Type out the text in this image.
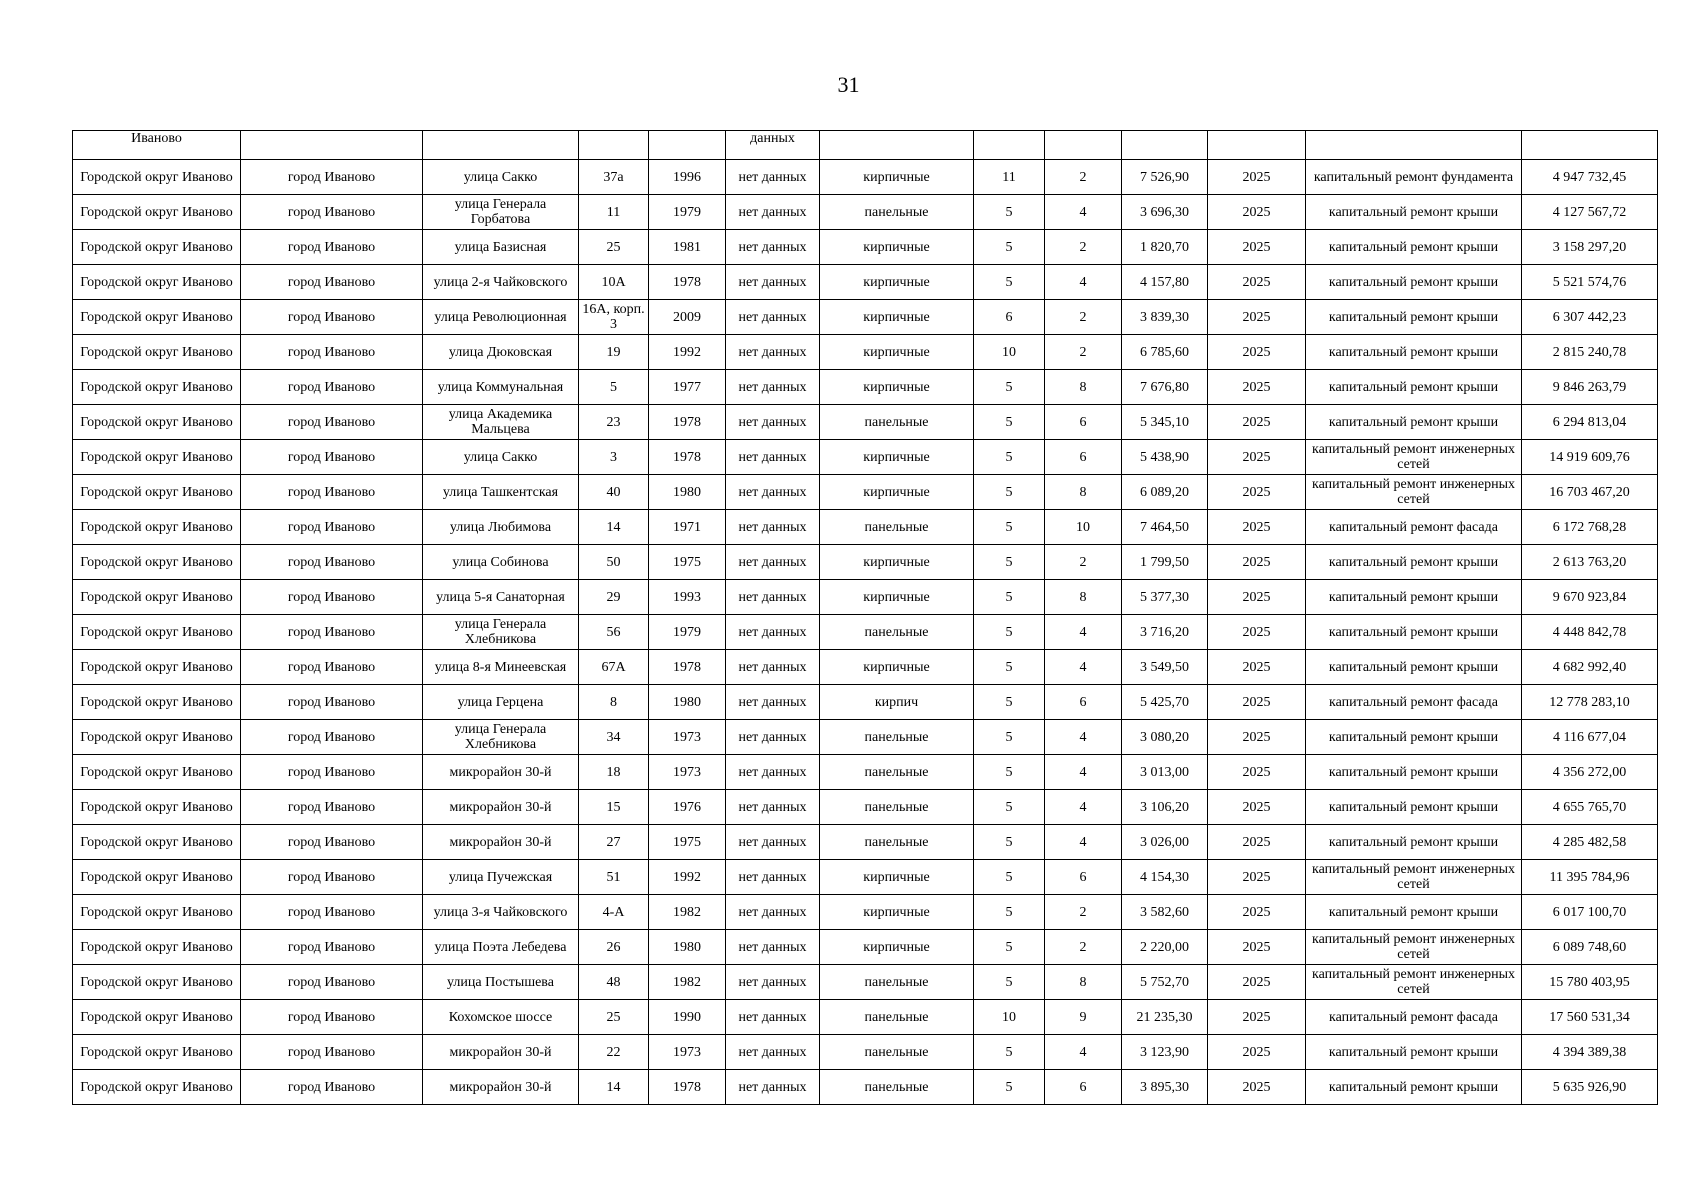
31
Иваново					данных							
Городской округ Иваново	город Иваново	улица Сакко	37а	1996	нет данных	кирпичные	11	2	7 526,90	2025	капитальный ремонт фундамента	4 947 732,45
Городской округ Иваново	город Иваново	улица Генерала Горбатова	11	1979	нет данных	панельные	5	4	3 696,30	2025	капитальный ремонт крыши	4 127 567,72
Городской округ Иваново	город Иваново	улица Базисная	25	1981	нет данных	кирпичные	5	2	1 820,70	2025	капитальный ремонт крыши	3 158 297,20
Городской округ Иваново	город Иваново	улица 2-я Чайковского	10А	1978	нет данных	кирпичные	5	4	4 157,80	2025	капитальный ремонт крыши	5 521 574,76
Городской округ Иваново	город Иваново	улица Революционная	16А, корп. 3	2009	нет данных	кирпичные	6	2	3 839,30	2025	капитальный ремонт крыши	6 307 442,23
Городской округ Иваново	город Иваново	улица Дюковская	19	1992	нет данных	кирпичные	10	2	6 785,60	2025	капитальный ремонт крыши	2 815 240,78
Городской округ Иваново	город Иваново	улица Коммунальная	5	1977	нет данных	кирпичные	5	8	7 676,80	2025	капитальный ремонт крыши	9 846 263,79
Городской округ Иваново	город Иваново	улица Академика Мальцева	23	1978	нет данных	панельные	5	6	5 345,10	2025	капитальный ремонт крыши	6 294 813,04
Городской округ Иваново	город Иваново	улица Сакко	3	1978	нет данных	кирпичные	5	6	5 438,90	2025	капитальный ремонт инженерных сетей	14 919 609,76
Городской округ Иваново	город Иваново	улица Ташкентская	40	1980	нет данных	кирпичные	5	8	6 089,20	2025	капитальный ремонт инженерных сетей	16 703 467,20
Городской округ Иваново	город Иваново	улица Любимова	14	1971	нет данных	панельные	5	10	7 464,50	2025	капитальный ремонт фасада	6 172 768,28
Городской округ Иваново	город Иваново	улица Собинова	50	1975	нет данных	кирпичные	5	2	1 799,50	2025	капитальный ремонт крыши	2 613 763,20
Городской округ Иваново	город Иваново	улица 5-я Санаторная	29	1993	нет данных	кирпичные	5	8	5 377,30	2025	капитальный ремонт крыши	9 670 923,84
Городской округ Иваново	город Иваново	улица Генерала Хлебникова	56	1979	нет данных	панельные	5	4	3 716,20	2025	капитальный ремонт крыши	4 448 842,78
Городской округ Иваново	город Иваново	улица 8-я Минеевская	67А	1978	нет данных	кирпичные	5	4	3 549,50	2025	капитальный ремонт крыши	4 682 992,40
Городской округ Иваново	город Иваново	улица Герцена	8	1980	нет данных	кирпич	5	6	5 425,70	2025	капитальный ремонт фасада	12 778 283,10
Городской округ Иваново	город Иваново	улица Генерала Хлебникова	34	1973	нет данных	панельные	5	4	3 080,20	2025	капитальный ремонт крыши	4 116 677,04
Городской округ Иваново	город Иваново	микрорайон 30-й	18	1973	нет данных	панельные	5	4	3 013,00	2025	капитальный ремонт крыши	4 356 272,00
Городской округ Иваново	город Иваново	микрорайон 30-й	15	1976	нет данных	панельные	5	4	3 106,20	2025	капитальный ремонт крыши	4 655 765,70
Городской округ Иваново	город Иваново	микрорайон 30-й	27	1975	нет данных	панельные	5	4	3 026,00	2025	капитальный ремонт крыши	4 285 482,58
Городской округ Иваново	город Иваново	улица Пучежская	51	1992	нет данных	кирпичные	5	6	4 154,30	2025	капитальный ремонт инженерных сетей	11 395 784,96
Городской округ Иваново	город Иваново	улица 3-я Чайковского	4-А	1982	нет данных	кирпичные	5	2	3 582,60	2025	капитальный ремонт крыши	6 017 100,70
Городской округ Иваново	город Иваново	улица Поэта Лебедева	26	1980	нет данных	кирпичные	5	2	2 220,00	2025	капитальный ремонт инженерных сетей	6 089 748,60
Городской округ Иваново	город Иваново	улица Постышева	48	1982	нет данных	панельные	5	8	5 752,70	2025	капитальный ремонт инженерных сетей	15 780 403,95
Городской округ Иваново	город Иваново	Кохомское шоссе	25	1990	нет данных	панельные	10	9	21 235,30	2025	капитальный ремонт фасада	17 560 531,34
Городской округ Иваново	город Иваново	микрорайон 30-й	22	1973	нет данных	панельные	5	4	3 123,90	2025	капитальный ремонт крыши	4 394 389,38
Городской округ Иваново	город Иваново	микрорайон 30-й	14	1978	нет данных	панельные	5	6	3 895,30	2025	капитальный ремонт крыши	5 635 926,90
